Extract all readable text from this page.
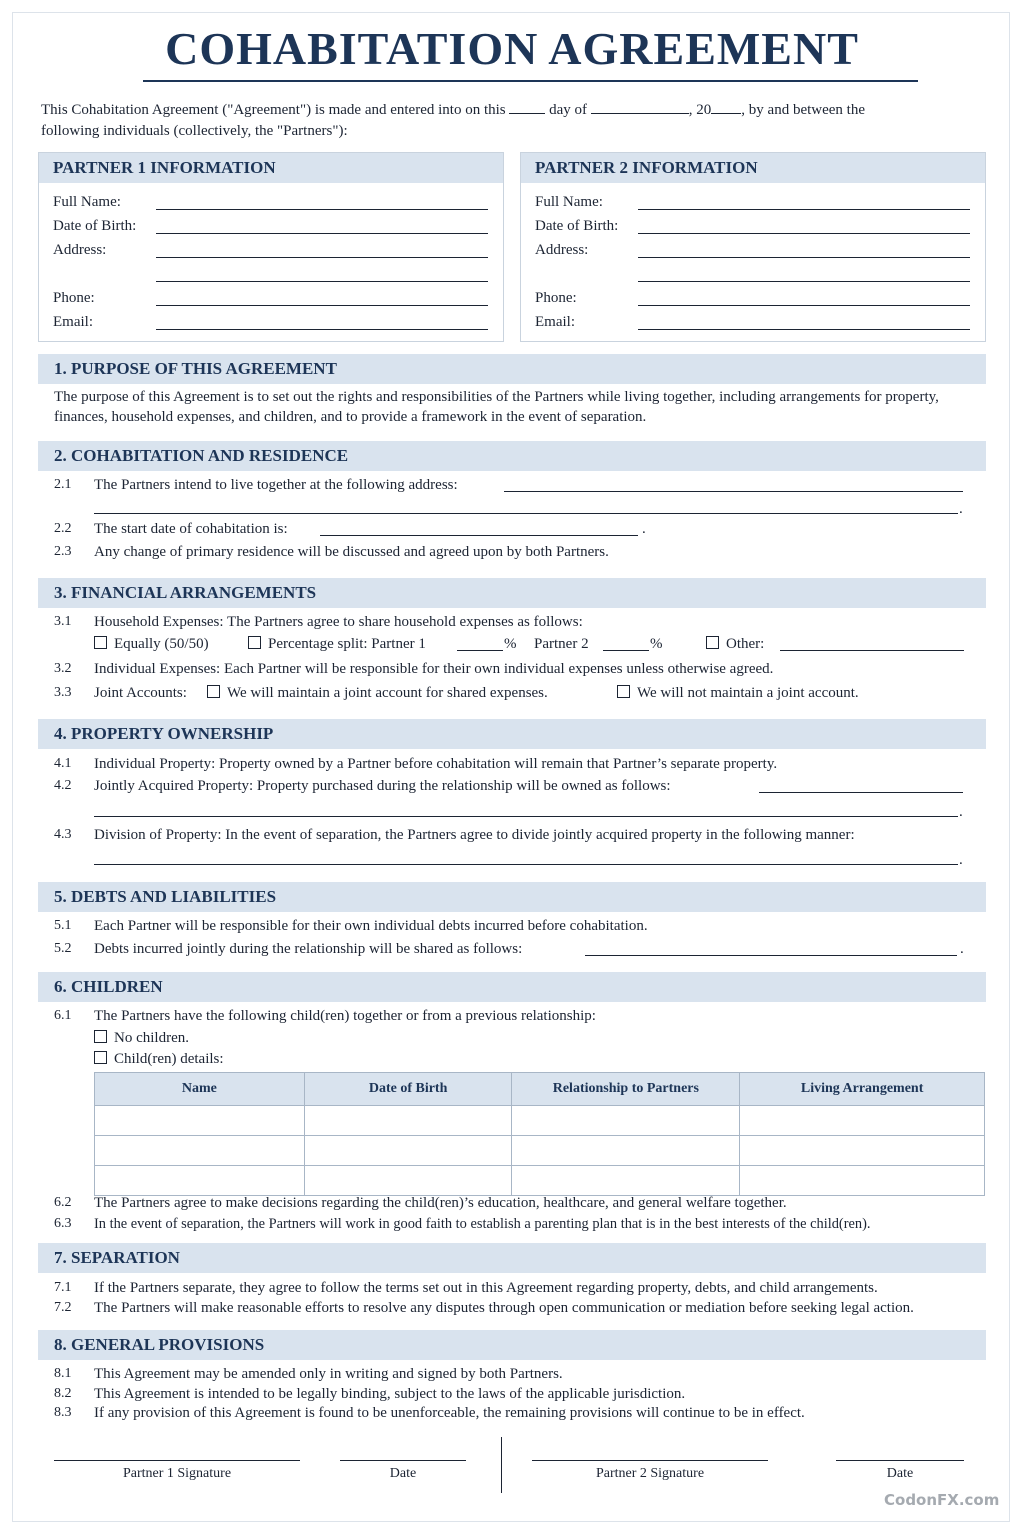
COHABITATION AGREEMENT
This Cohabitation Agreement ("Agreement") is made and entered into on this	day of	, 20 , by and between the
following individuals (collectively, the "Partners"):
PARTNER 1 INFORMATION
Full Name:
Date of Birth:
Address:
Phone:
Email:
PARTNER 2 INFORMATION
Full Name:
Date of Birth:
Address:
Phone:
Email:
1. PURPOSE OF THIS AGREEMENT
The purpose of this Agreement is to set out the rights and responsibilities of the Partners while living together, including arrangements for property, finances, household expenses, and children, and to provide a framework in the event of separation.
2. COHABITATION AND RESIDENCE
2.1 The Partners intend to live together at the following address:
.
2.2 The start date of cohabitation is:	.
2.3 Any change of primary residence will be discussed and agreed upon by both Partners.
3. FINANCIAL ARRANGEMENTS
3.1 Household Expenses: The Partners agree to share household expenses as follows:
Equally (50/50)	Percentage split: Partner 1	% Partner 2	%	Other:
3.2 Individual Expenses: Each Partner will be responsible for their own individual expenses unless otherwise agreed.
3.3 Joint Accounts:	We will maintain a joint account for shared expenses.	We will not maintain a joint account.
4. PROPERTY OWNERSHIP
4.1 Individual Property: Property owned by a Partner before cohabitation will remain that Partner’s separate property.
4.2 Jointly Acquired Property: Property purchased during the relationship will be owned as follows:
.
4.3 Division of Property: In the event of separation, the Partners agree to divide jointly acquired property in the following manner:
.
5. DEBTS AND LIABILITIES
5.1 Each Partner will be responsible for their own individual debts incurred before cohabitation.
5.2 Debts incurred jointly during the relationship will be shared as follows:	.
6. CHILDREN
6.1 The Partners have the following child(ren) together or from a previous relationship:
No children.
Child(ren) details:
Name	Date of Birth	Relationship to Partners	Living Arrangement

6.2 The Partners agree to make decisions regarding the child(ren)’s education, healthcare, and general welfare together.
6.3 In the event of separation, the Partners will work in good faith to establish a parenting plan that is in the best interests of the child(ren).
7. SEPARATION
7.1 If the Partners separate, they agree to follow the terms set out in this Agreement regarding property, debts, and child arrangements.
7.2 The Partners will make reasonable efforts to resolve any disputes through open communication or mediation before seeking legal action.
8. GENERAL PROVISIONS
8.1 This Agreement may be amended only in writing and signed by both Partners.
8.2 This Agreement is intended to be legally binding, subject to the laws of the applicable jurisdiction.
8.3 If any provision of this Agreement is found to be unenforceable, the remaining provisions will continue to be in effect.
Partner 1 Signature	Date	Partner 2 Signature	Date
CodonFX.com
